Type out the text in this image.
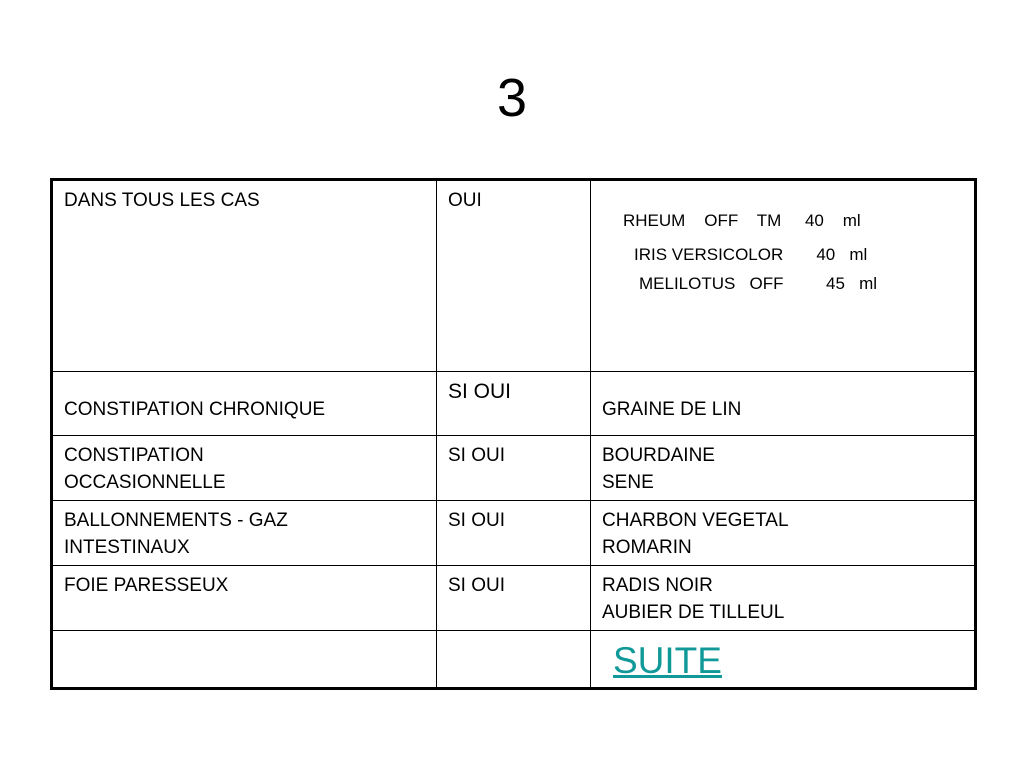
3
DANS TOUS LES CAS	OUI	RHEUM    OFF    TM     40    ml
IRIS VERSICOLOR       40   ml
MELILOTUS   OFF         45   ml

CONSTIPATION CHRONIQUE	SI OUI	GRAINE DE LIN

CONSTIPATION
OCCASIONNELLE	SI OUI	BOURDAINE
SENE

BALLONNEMENTS - GAZ
INTESTINAUX	SI OUI	CHARBON VEGETAL
ROMARIN

FOIE PARESSEUX	SI OUI	RADIS NOIR
AUBIER DE TILLEUL

		SUITE
